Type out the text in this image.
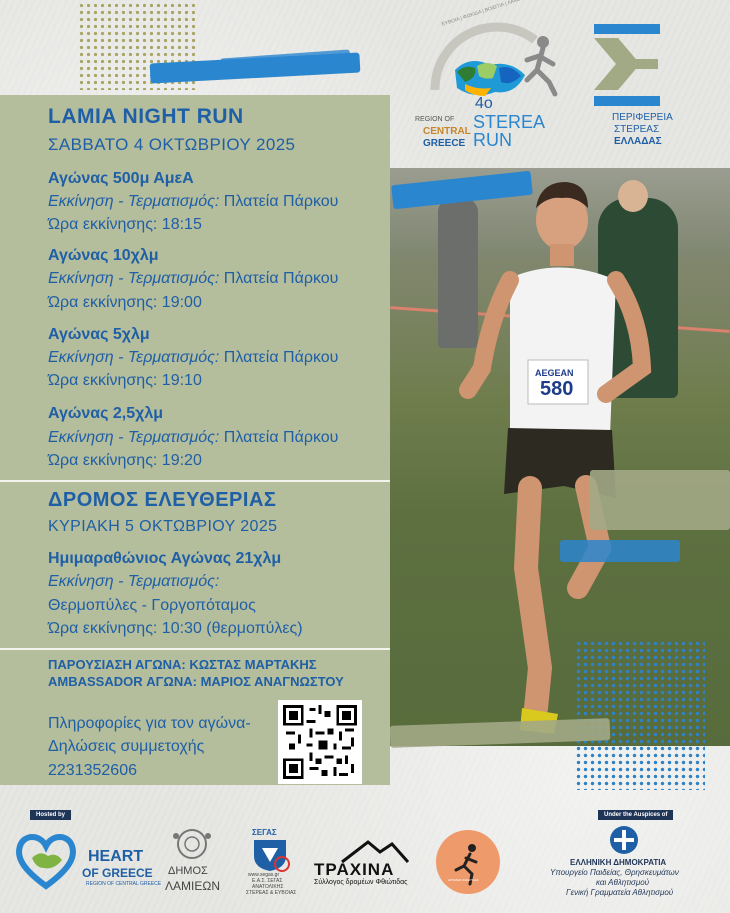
4o
STEREA
RUN
REGION OF
CENTRAL
GREECE
ΠΕΡΙΦΕΡΕΙΑ
ΣΤΕΡΕΑΣ
ΕΛΛΑΔΑΣ
AEGEAN
580
LAMIA NIGHT RUN
ΣΑΒΒΑΤΟ 4 ΟΚΤΩΒΡΙΟΥ 2025
Αγώνας 500μ ΑμεΑ
Εκκίνηση - Τερματισμός: Πλατεία Πάρκου
Ώρα εκκίνησης: 18:15
Αγώνας 10χλμ
Εκκίνηση - Τερματισμός: Πλατεία Πάρκου
Ώρα εκκίνησης: 19:00
Αγώνας 5χλμ
Εκκίνηση - Τερματισμός: Πλατεία Πάρκου
Ώρα εκκίνησης: 19:10
Αγώνας 2,5χλμ
Εκκίνηση - Τερματισμός: Πλατεία Πάρκου
Ώρα εκκίνησης: 19:20
ΔΡΟΜΟΣ ΕΛΕΥΘΕΡΙΑΣ
ΚΥΡΙΑΚΗ 5 ΟΚΤΩΒΡΙΟΥ 2025
Ημιμαραθώνιος Αγώνας 21χλμ
Εκκίνηση - Τερματισμός:
Θερμοπύλες - Γοργοπόταμος
Ώρα εκκίνησης: 10:30 (θερμοπύλες)
ΠΑΡΟΥΣΙΑΣΗ ΑΓΩΝΑ: ΚΩΣΤΑΣ ΜΑΡΤΑΚΗΣ
AMBASSADOR ΑΓΩΝΑ: ΜΑΡΙΟΣ ΑΝΑΓΝΩΣΤΟΥ
Πληροφορίες για τον αγώνα-
Δηλώσεις συμμετοχής
2231352606
Hosted by	Under the Auspices of
HEART
OF GREECE
REGION OF CENTRAL GREECE
ΔΗΜΟΣ
ΛΑΜΙΕΩΝ
ΣΕΓΑΣ
www.segas.gr
Ε.Α.Σ. ΣΕΓΑΣ
ΑΝΑΤΟΛΙΚΗΣ
ΣΤΕΡΕΑΣ & ΕΥΒΟΙΑΣ
ΤΡΑΧΙΝΑ
Σύλλογος δρομέων Φθιώτιδας	ΔΡΟΜΕΙΣ ΦΘΙΩΤΙΔΑΣ
ΕΛΛΗΝΙΚΗ ΔΗΜΟΚΡΑΤΙΑ
Υπουργείο Παιδείας, Θρησκευμάτων
και Αθλητισμού
Γενική Γραμματεία Αθλητισμού
